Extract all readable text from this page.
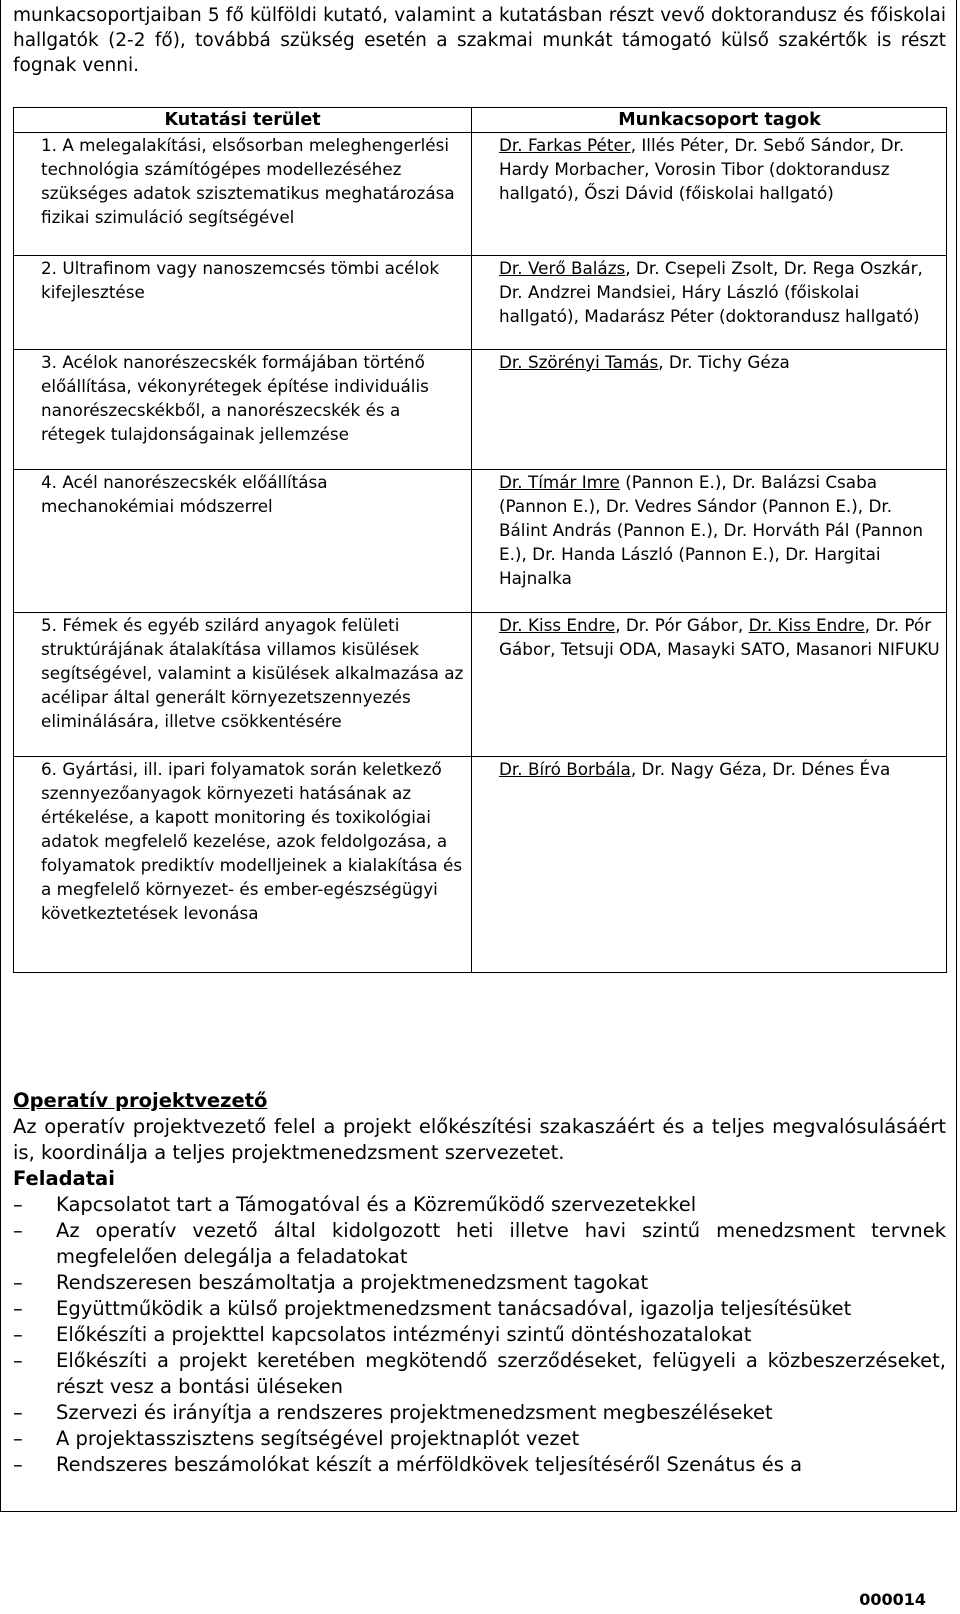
munkacsoportjaiban 5 fő külföldi kutató, valamint a kutatásban részt vevő doktorandusz és főiskolai hallgatók (2-2 fő), továbbá szükség esetén a szakmai munkát támogató külső szakértők is részt fognak venni.

Kutatási terület	Munkacsoport tagok
1. A melegalakítási, elsősorban meleghengerlési technológia számítógépes modellezéséhez szükséges adatok szisztematikus meghatározása fizikai szimuláció segítségével	Dr. Farkas Péter, Illés Péter, Dr. Sebő Sándor, Dr. Hardy Morbacher, Vorosin Tibor (doktorandusz hallgató), Őszi Dávid (főiskolai hallgató)
2. Ultrafinom vagy nanoszemcsés tömbi acélok kifejlesztése	Dr. Verő Balázs, Dr. Csepeli Zsolt, Dr. Rega Oszkár, Dr. Andzrei Mandsiei, Háry László (főiskolai hallgató), Madarász Péter (doktorandusz hallgató)
3. Acélok nanorészecskék formájában történő előállítása, vékonyrétegek építése individuális nanorészecskékből, a nanorészecskék és a rétegek tulajdonságainak jellemzése	Dr. Szörényi Tamás, Dr. Tichy Géza
4. Acél nanorészecskék előállítása mechanokémiai módszerrel	Dr. Tímár Imre (Pannon E.), Dr. Balázsi Csaba (Pannon E.), Dr. Vedres Sándor (Pannon E.), Dr. Bálint András (Pannon E.), Dr. Horváth Pál (Pannon E.), Dr. Handa László (Pannon E.), Dr. Hargitai Hajnalka
5. Fémek és egyéb szilárd anyagok felületi struktúrájának átalakítása villamos kisülések segítségével, valamint a kisülések alkalmazása az acélipar által generált környezetszennyezés eliminálására, illetve csökkentésére	Dr. Kiss Endre, Dr. Pór Gábor, Dr. Kiss Endre, Dr. Pór Gábor, Tetsuji ODA, Masayki SATO, Masanori NIFUKU
6. Gyártási, ill. ipari folyamatok során keletkező szennyezőanyagok környezeti hatásának az értékelése, a kapott monitoring és toxikológiai adatok megfelelő kezelése, azok feldolgozása, a folyamatok prediktív modelljeinek a kialakítása és a megfelelő környezet- és ember-egészségügyi következtetések levonása	Dr. Bíró Borbála, Dr. Nagy Géza, Dr. Dénes Éva
Operatív projektvezető

Az operatív projektvezető felel a projekt előkészítési szakaszáért és a teljes megvalósulásáért is, koordinálja a teljes projektmenedzsment szervezetet.

Feladatai
– Kapcsolatot tart a Támogatóval és a Közreműködő szervezetekkel
– Az operatív vezető által kidolgozott heti illetve havi szintű menedzsment tervnek megfelelően delegálja a feladatokat
– Rendszeresen beszámoltatja a projektmenedzsment tagokat
– Együttműködik a külső projektmenedzsment tanácsadóval, igazolja teljesítésüket
– Előkészíti a projekttel kapcsolatos intézményi szintű döntéshozatalokat
– Előkészíti a projekt keretében megkötendő szerződéseket, felügyeli a közbeszerzéseket, részt vesz a bontási üléseken
– Szervezi és irányítja a rendszeres projektmenedzsment megbeszéléseket
– A projektasszisztens segítségével projektnaplót vezet
– Rendszeres beszámolókat készít a mérföldkövek teljesítéséről Szenátus és a
000014
